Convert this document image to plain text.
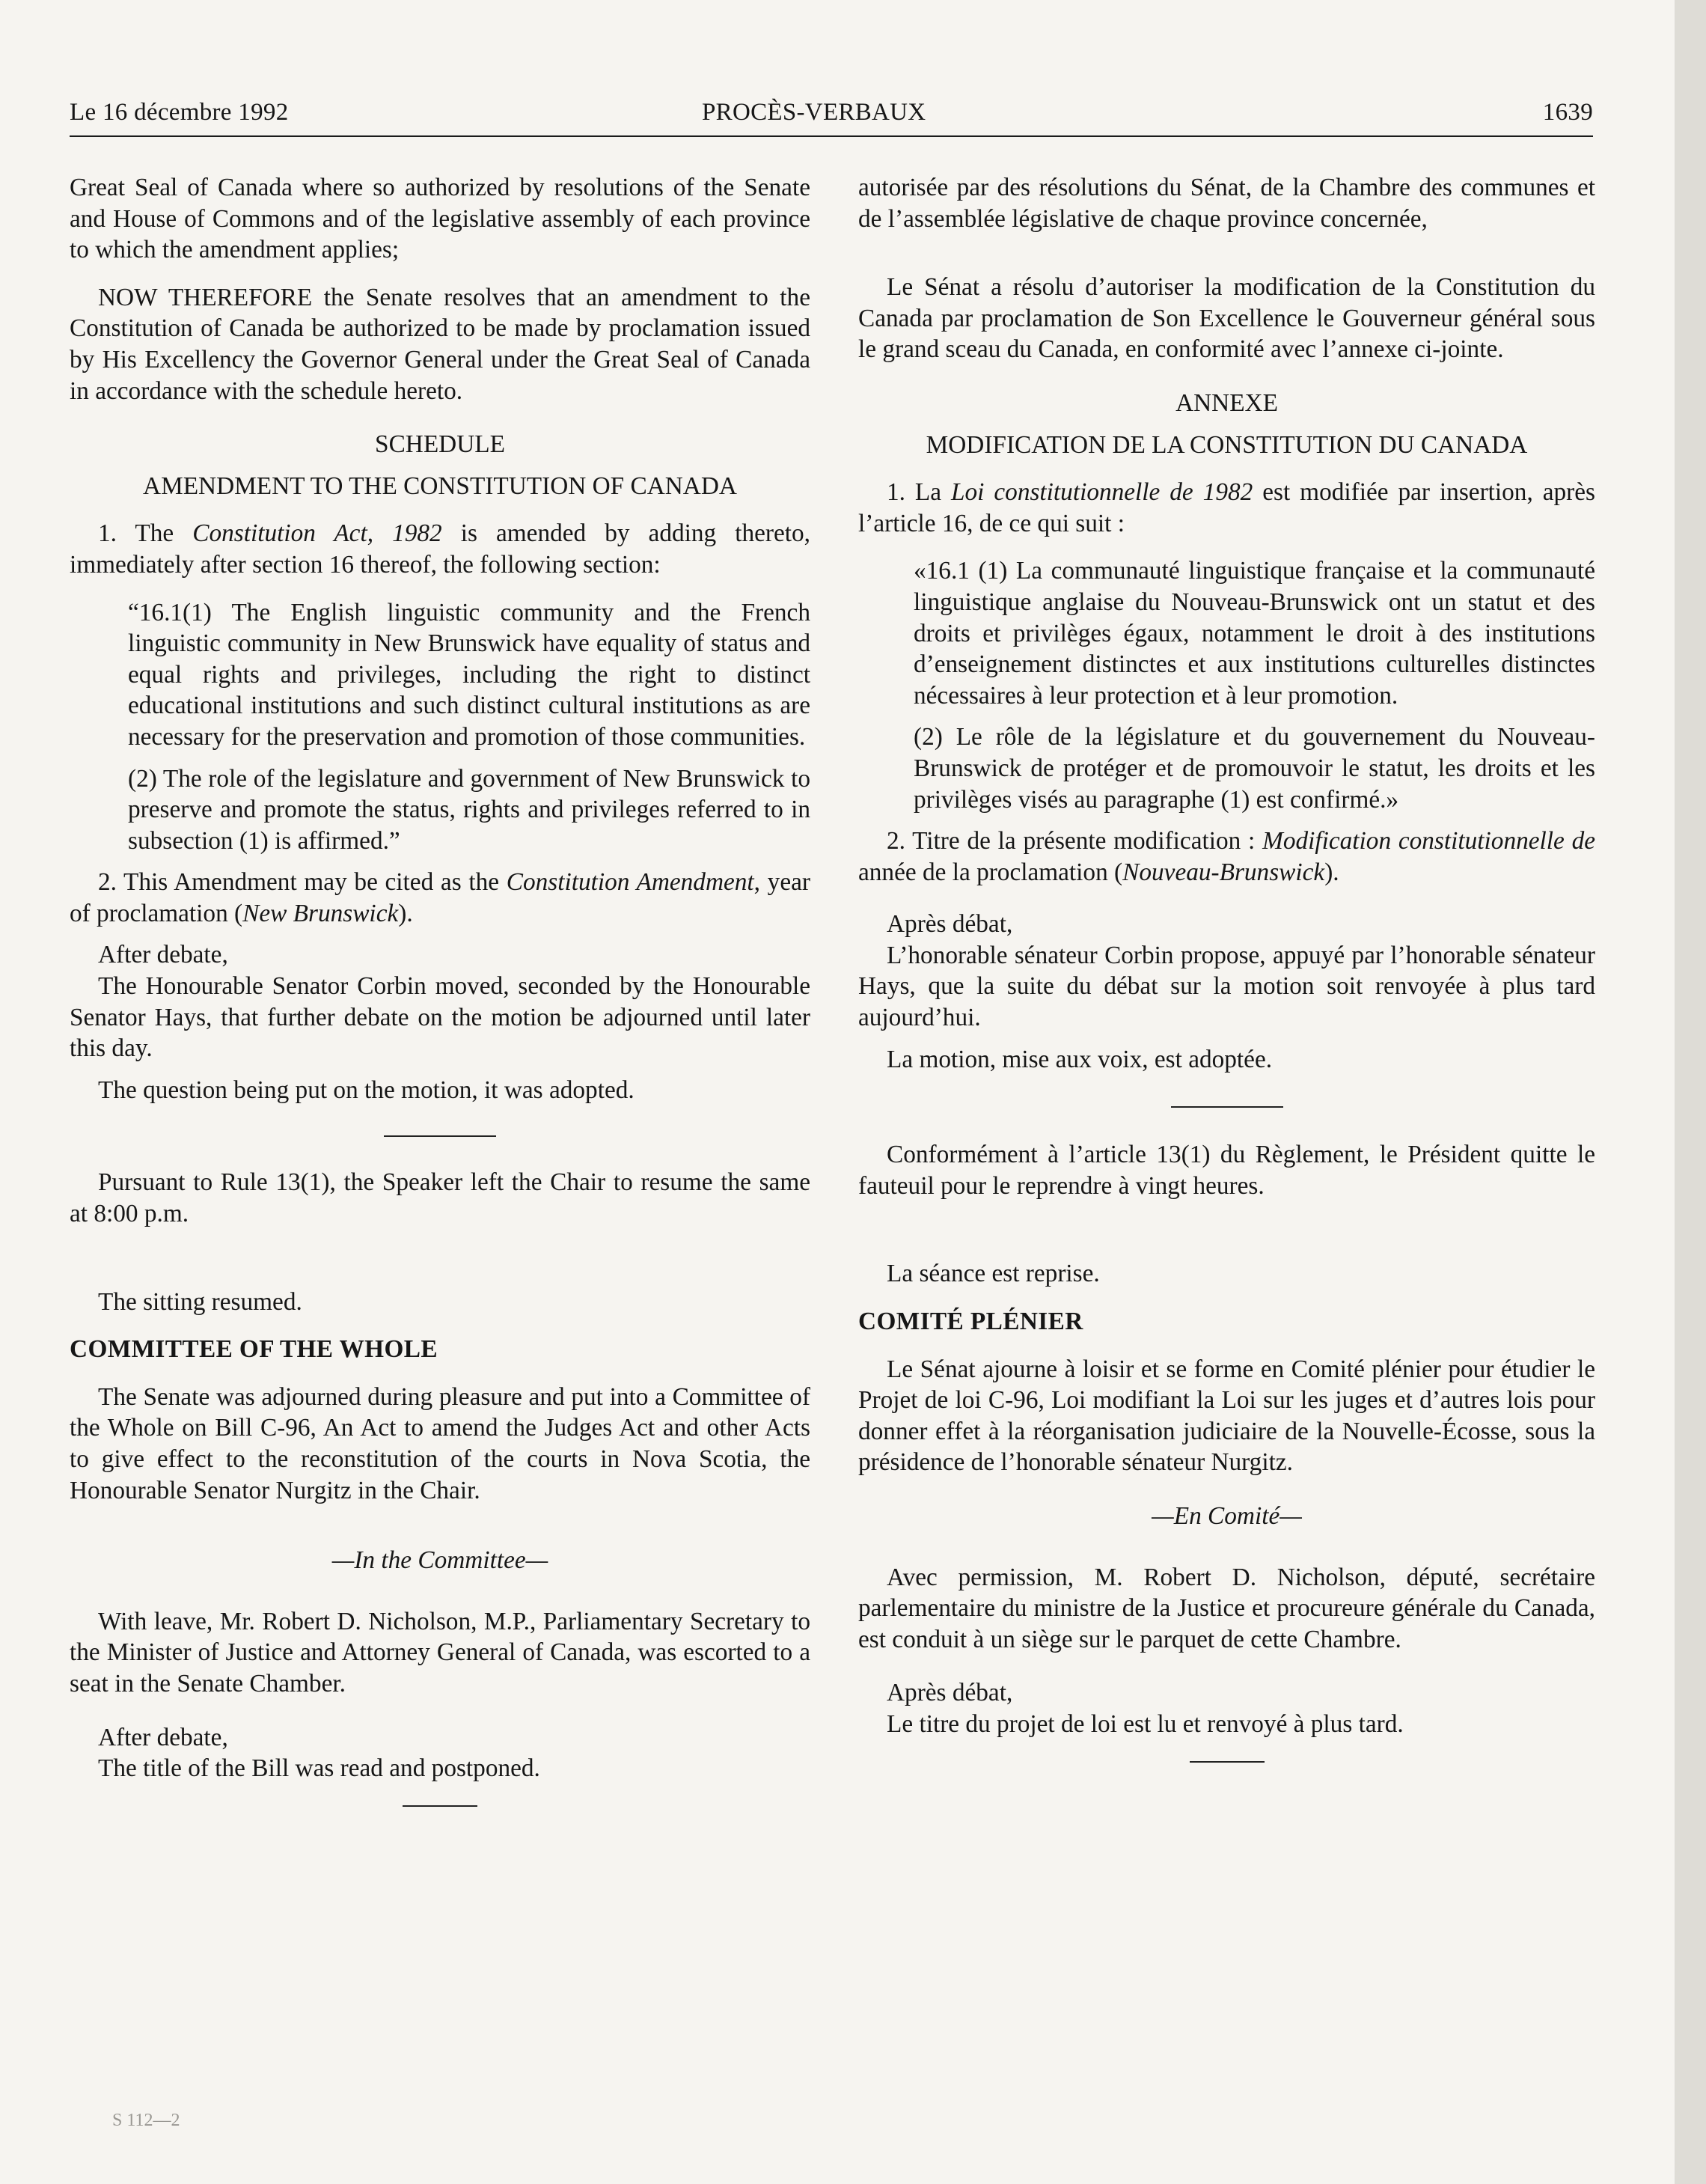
Le 16 décembre 1992	PROCÈS-VERBAUX	1639

Great Seal of Canada where so authorized by resolutions of the Senate and House of Commons and of the legislative assembly of each province to which the amendment applies;

NOW THEREFORE the Senate resolves that an amendment to the Constitution of Canada be authorized to be made by proclamation issued by His Excellency the Governor General under the Great Seal of Canada in accordance with the schedule hereto.

SCHEDULE

AMENDMENT TO THE CONSTITUTION OF CANADA

1. The Constitution Act, 1982 is amended by adding thereto, immediately after section 16 thereof, the following section:

“16.1(1) The English linguistic community and the French linguistic community in New Brunswick have equality of status and equal rights and privileges, including the right to distinct educational institutions and such distinct cultural institutions as are necessary for the preservation and promotion of those communities.

(2) The role of the legislature and government of New Brunswick to preserve and promote the status, rights and privileges referred to in subsection (1) is affirmed.”

2. This Amendment may be cited as the Constitution Amendment, year of proclamation (New Brunswick).

After debate,

The Honourable Senator Corbin moved, seconded by the Honourable Senator Hays, that further debate on the motion be adjourned until later this day.

The question being put on the motion, it was adopted.

Pursuant to Rule 13(1), the Speaker left the Chair to resume the same at 8:00 p.m.

The sitting resumed.

COMMITTEE OF THE WHOLE

The Senate was adjourned during pleasure and put into a Committee of the Whole on Bill C-96, An Act to amend the Judges Act and other Acts to give effect to the reconstitution of the courts in Nova Scotia, the Honourable Senator Nurgitz in the Chair.

—In the Committee—

With leave, Mr. Robert D. Nicholson, M.P., Parliamentary Secretary to the Minister of Justice and Attorney General of Canada, was escorted to a seat in the Senate Chamber.

After debate,

The title of the Bill was read and postponed.

autorisée par des résolutions du Sénat, de la Chambre des communes et de l’assemblée législative de chaque province concernée,

Le Sénat a résolu d’autoriser la modification de la Constitution du Canada par proclamation de Son Excellence le Gouverneur général sous le grand sceau du Canada, en conformité avec l’annexe ci-jointe.

ANNEXE

MODIFICATION DE LA CONSTITUTION DU CANADA

1. La Loi constitutionnelle de 1982 est modifiée par insertion, après l’article 16, de ce qui suit :

«16.1 (1) La communauté linguistique française et la communauté linguistique anglaise du Nouveau-Brunswick ont un statut et des droits et privilèges égaux, notamment le droit à des institutions d’enseignement distinctes et aux institutions culturelles distinctes nécessaires à leur protection et à leur promotion.

(2) Le rôle de la législature et du gouvernement du Nouveau-Brunswick de protéger et de promouvoir le statut, les droits et les privilèges visés au paragraphe (1) est confirmé.»

2. Titre de la présente modification : Modification constitutionnelle de année de la proclamation (Nouveau-Brunswick).

Après débat,

L’honorable sénateur Corbin propose, appuyé par l’honorable sénateur Hays, que la suite du débat sur la motion soit renvoyée à plus tard aujourd’hui.

La motion, mise aux voix, est adoptée.

Conformément à l’article 13(1) du Règlement, le Président quitte le fauteuil pour le reprendre à vingt heures.

La séance est reprise.

COMITÉ PLÉNIER

Le Sénat ajourne à loisir et se forme en Comité plénier pour étudier le Projet de loi C-96, Loi modifiant la Loi sur les juges et d’autres lois pour donner effet à la réorganisation judiciaire de la Nouvelle-Écosse, sous la présidence de l’honorable sénateur Nurgitz.

—En Comité—

Avec permission, M. Robert D. Nicholson, député, secrétaire parlementaire du ministre de la Justice et procureure générale du Canada, est conduit à un siège sur le parquet de cette Chambre.

Après débat,

Le titre du projet de loi est lu et renvoyé à plus tard.

S 112—2
